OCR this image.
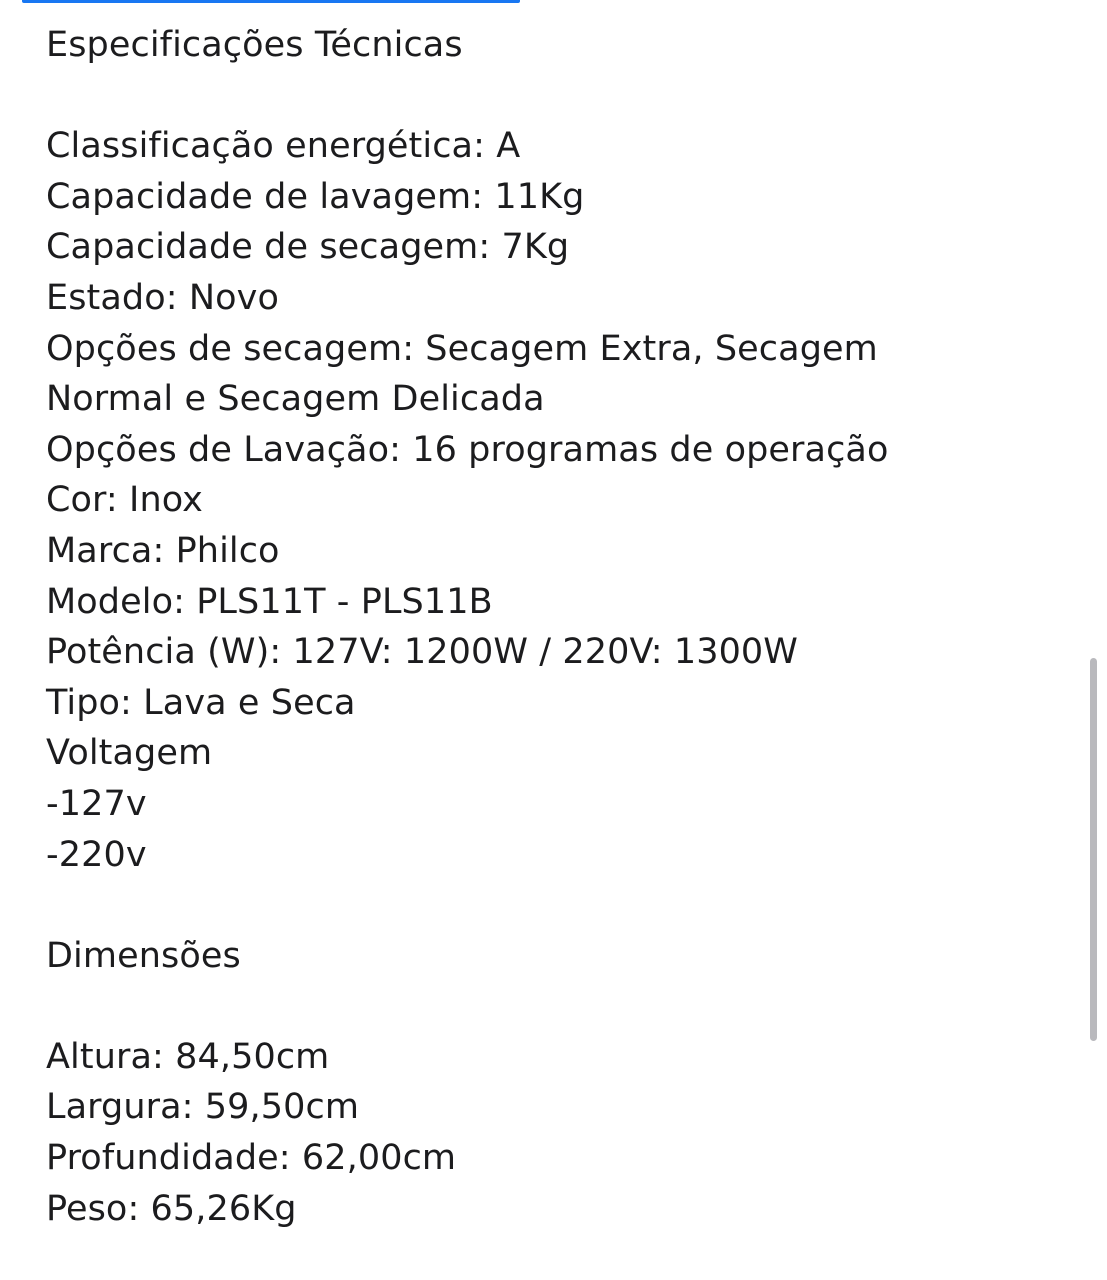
Especificações Técnicas
Classificação energética: A
Capacidade de lavagem: 11Kg
Capacidade de secagem: 7Kg
Estado: Novo
Opções de secagem: Secagem Extra, Secagem
Normal e Secagem Delicada
Opções de Lavação: 16 programas de operação
Cor: Inox
Marca: Philco
Modelo: PLS11T - PLS11B
Potência (W): 127V: 1200W / 220V: 1300W
Tipo: Lava e Seca
Voltagem
-127v
-220v
Dimensões
Altura: 84,50cm
Largura: 59,50cm
Profundidade: 62,00cm
Peso: 65,26Kg
